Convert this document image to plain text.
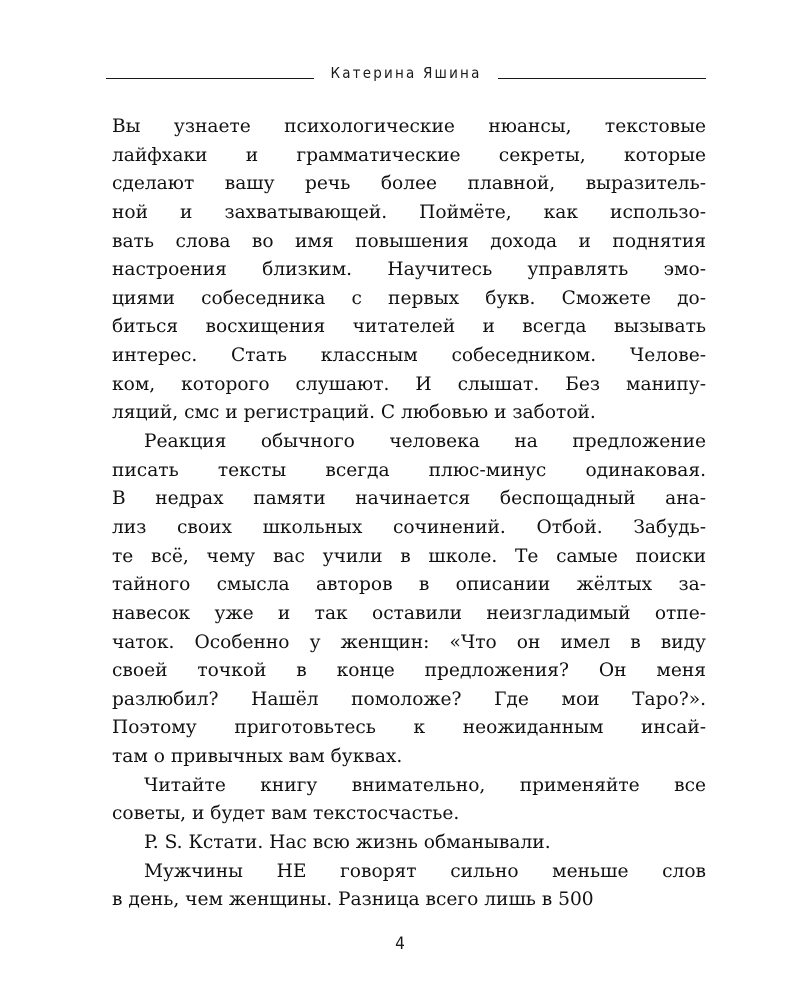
Катерина Яшина
Вы узнаете психологические нюансы, текстовые
лайфхаки и грамматические секреты, которые
сделают вашу речь более плавной, выразитель-
ной и захватывающей. Поймёте, как использо-
вать слова во имя повышения дохода и поднятия
настроения близким. Научитесь управлять эмо-
циями собеседника с первых букв. Сможете до-
биться восхищения читателей и всегда вызывать
интерес. Стать классным собеседником. Челове-
ком, которого слушают. И слышат. Без манипу-
ляций, смс и регистраций. С любовью и заботой.
Реакция обычного человека на предложение
писать тексты всегда плюс-минус одинаковая.
В недрах памяти начинается беспощадный ана-
лиз своих школьных сочинений. Отбой. Забудь-
те всё, чему вас учили в школе. Те самые поиски
тайного смысла авторов в описании жёлтых за-
навесок уже и так оставили неизгладимый отпе-
чаток. Особенно у женщин: «Что он имел в виду
своей точкой в конце предложения? Он меня
разлюбил? Нашёл помоложе? Где мои Таро?».
Поэтому приготовьтесь к неожиданным инсай-
там о привычных вам буквах.
Читайте книгу внимательно, применяйте все
советы, и будет вам текстосчастье.
P. S. Кстати. Нас всю жизнь обманывали.
Мужчины НЕ говорят сильно меньше слов
в день, чем женщины. Разница всего лишь в 500
4
